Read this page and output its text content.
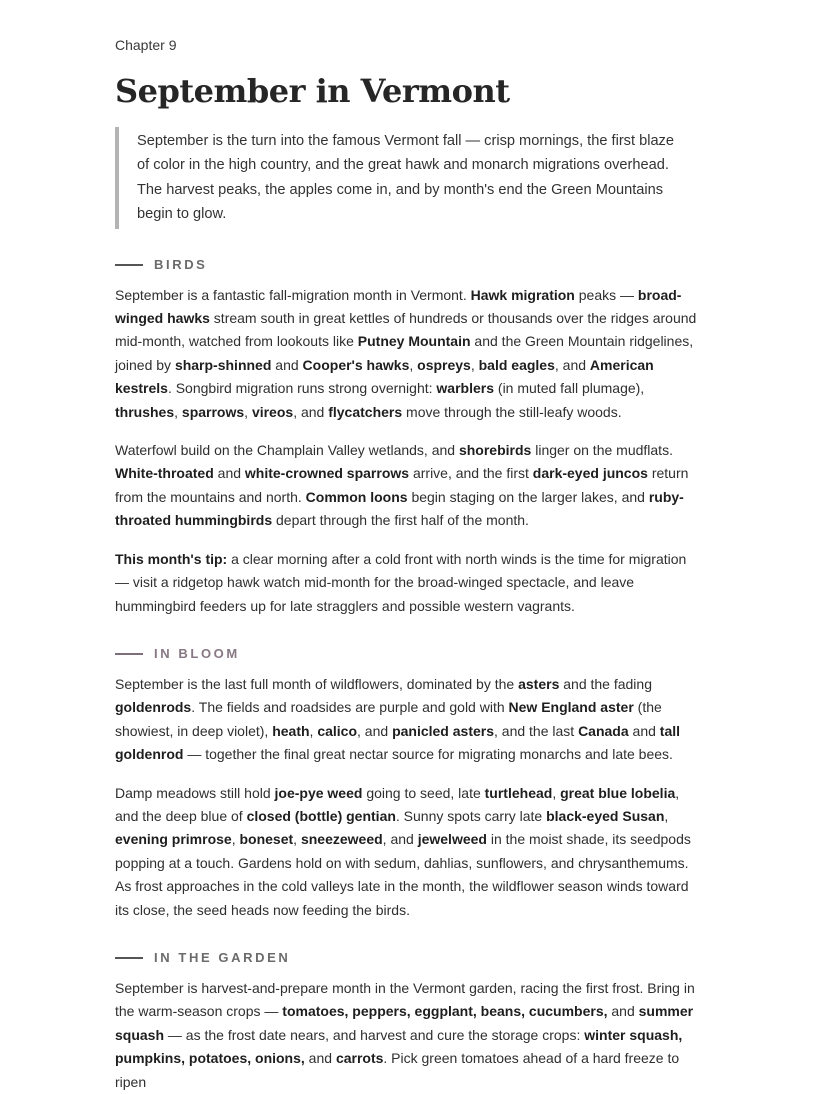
Chapter 9
September in Vermont
September is the turn into the famous Vermont fall — crisp mornings, the first blaze of color in the high country, and the great hawk and monarch migrations overhead. The harvest peaks, the apples come in, and by month's end the Green Mountains begin to glow.
BIRDS

September is a fantastic fall-migration month in Vermont. Hawk migration peaks — broad-winged hawks stream south in great kettles of hundreds or thousands over the ridges around mid-month, watched from lookouts like Putney Mountain and the Green Mountain ridgelines, joined by sharp-shinned and Cooper's hawks, ospreys, bald eagles, and American kestrels. Songbird migration runs strong overnight: warblers (in muted fall plumage), thrushes, sparrows, vireos, and flycatchers move through the still-leafy woods.

Waterfowl build on the Champlain Valley wetlands, and shorebirds linger on the mudflats. White-throated and white-crowned sparrows arrive, and the first dark-eyed juncos return from the mountains and north. Common loons begin staging on the larger lakes, and ruby-throated hummingbirds depart through the first half of the month.

This month's tip: a clear morning after a cold front with north winds is the time for migration — visit a ridgetop hawk watch mid-month for the broad-winged spectacle, and leave hummingbird feeders up for late stragglers and possible western vagrants.

IN BLOOM

September is the last full month of wildflowers, dominated by the asters and the fading goldenrods. The fields and roadsides are purple and gold with New England aster (the showiest, in deep violet), heath, calico, and panicled asters, and the last Canada and tall goldenrod — together the final great nectar source for migrating monarchs and late bees.

Damp meadows still hold joe-pye weed going to seed, late turtlehead, great blue lobelia, and the deep blue of closed (bottle) gentian. Sunny spots carry late black-eyed Susan, evening primrose, boneset, sneezeweed, and jewelweed in the moist shade, its seedpods popping at a touch. Gardens hold on with sedum, dahlias, sunflowers, and chrysanthemums. As frost approaches in the cold valleys late in the month, the wildflower season winds toward its close, the seed heads now feeding the birds.

IN THE GARDEN

September is harvest-and-prepare month in the Vermont garden, racing the first frost. Bring in the warm-season crops — tomatoes, peppers, eggplant, beans, cucumbers, and summer squash — as the frost date nears, and harvest and cure the storage crops: winter squash, pumpkins, potatoes, onions, and carrots. Pick green tomatoes ahead of a hard freeze to ripen
